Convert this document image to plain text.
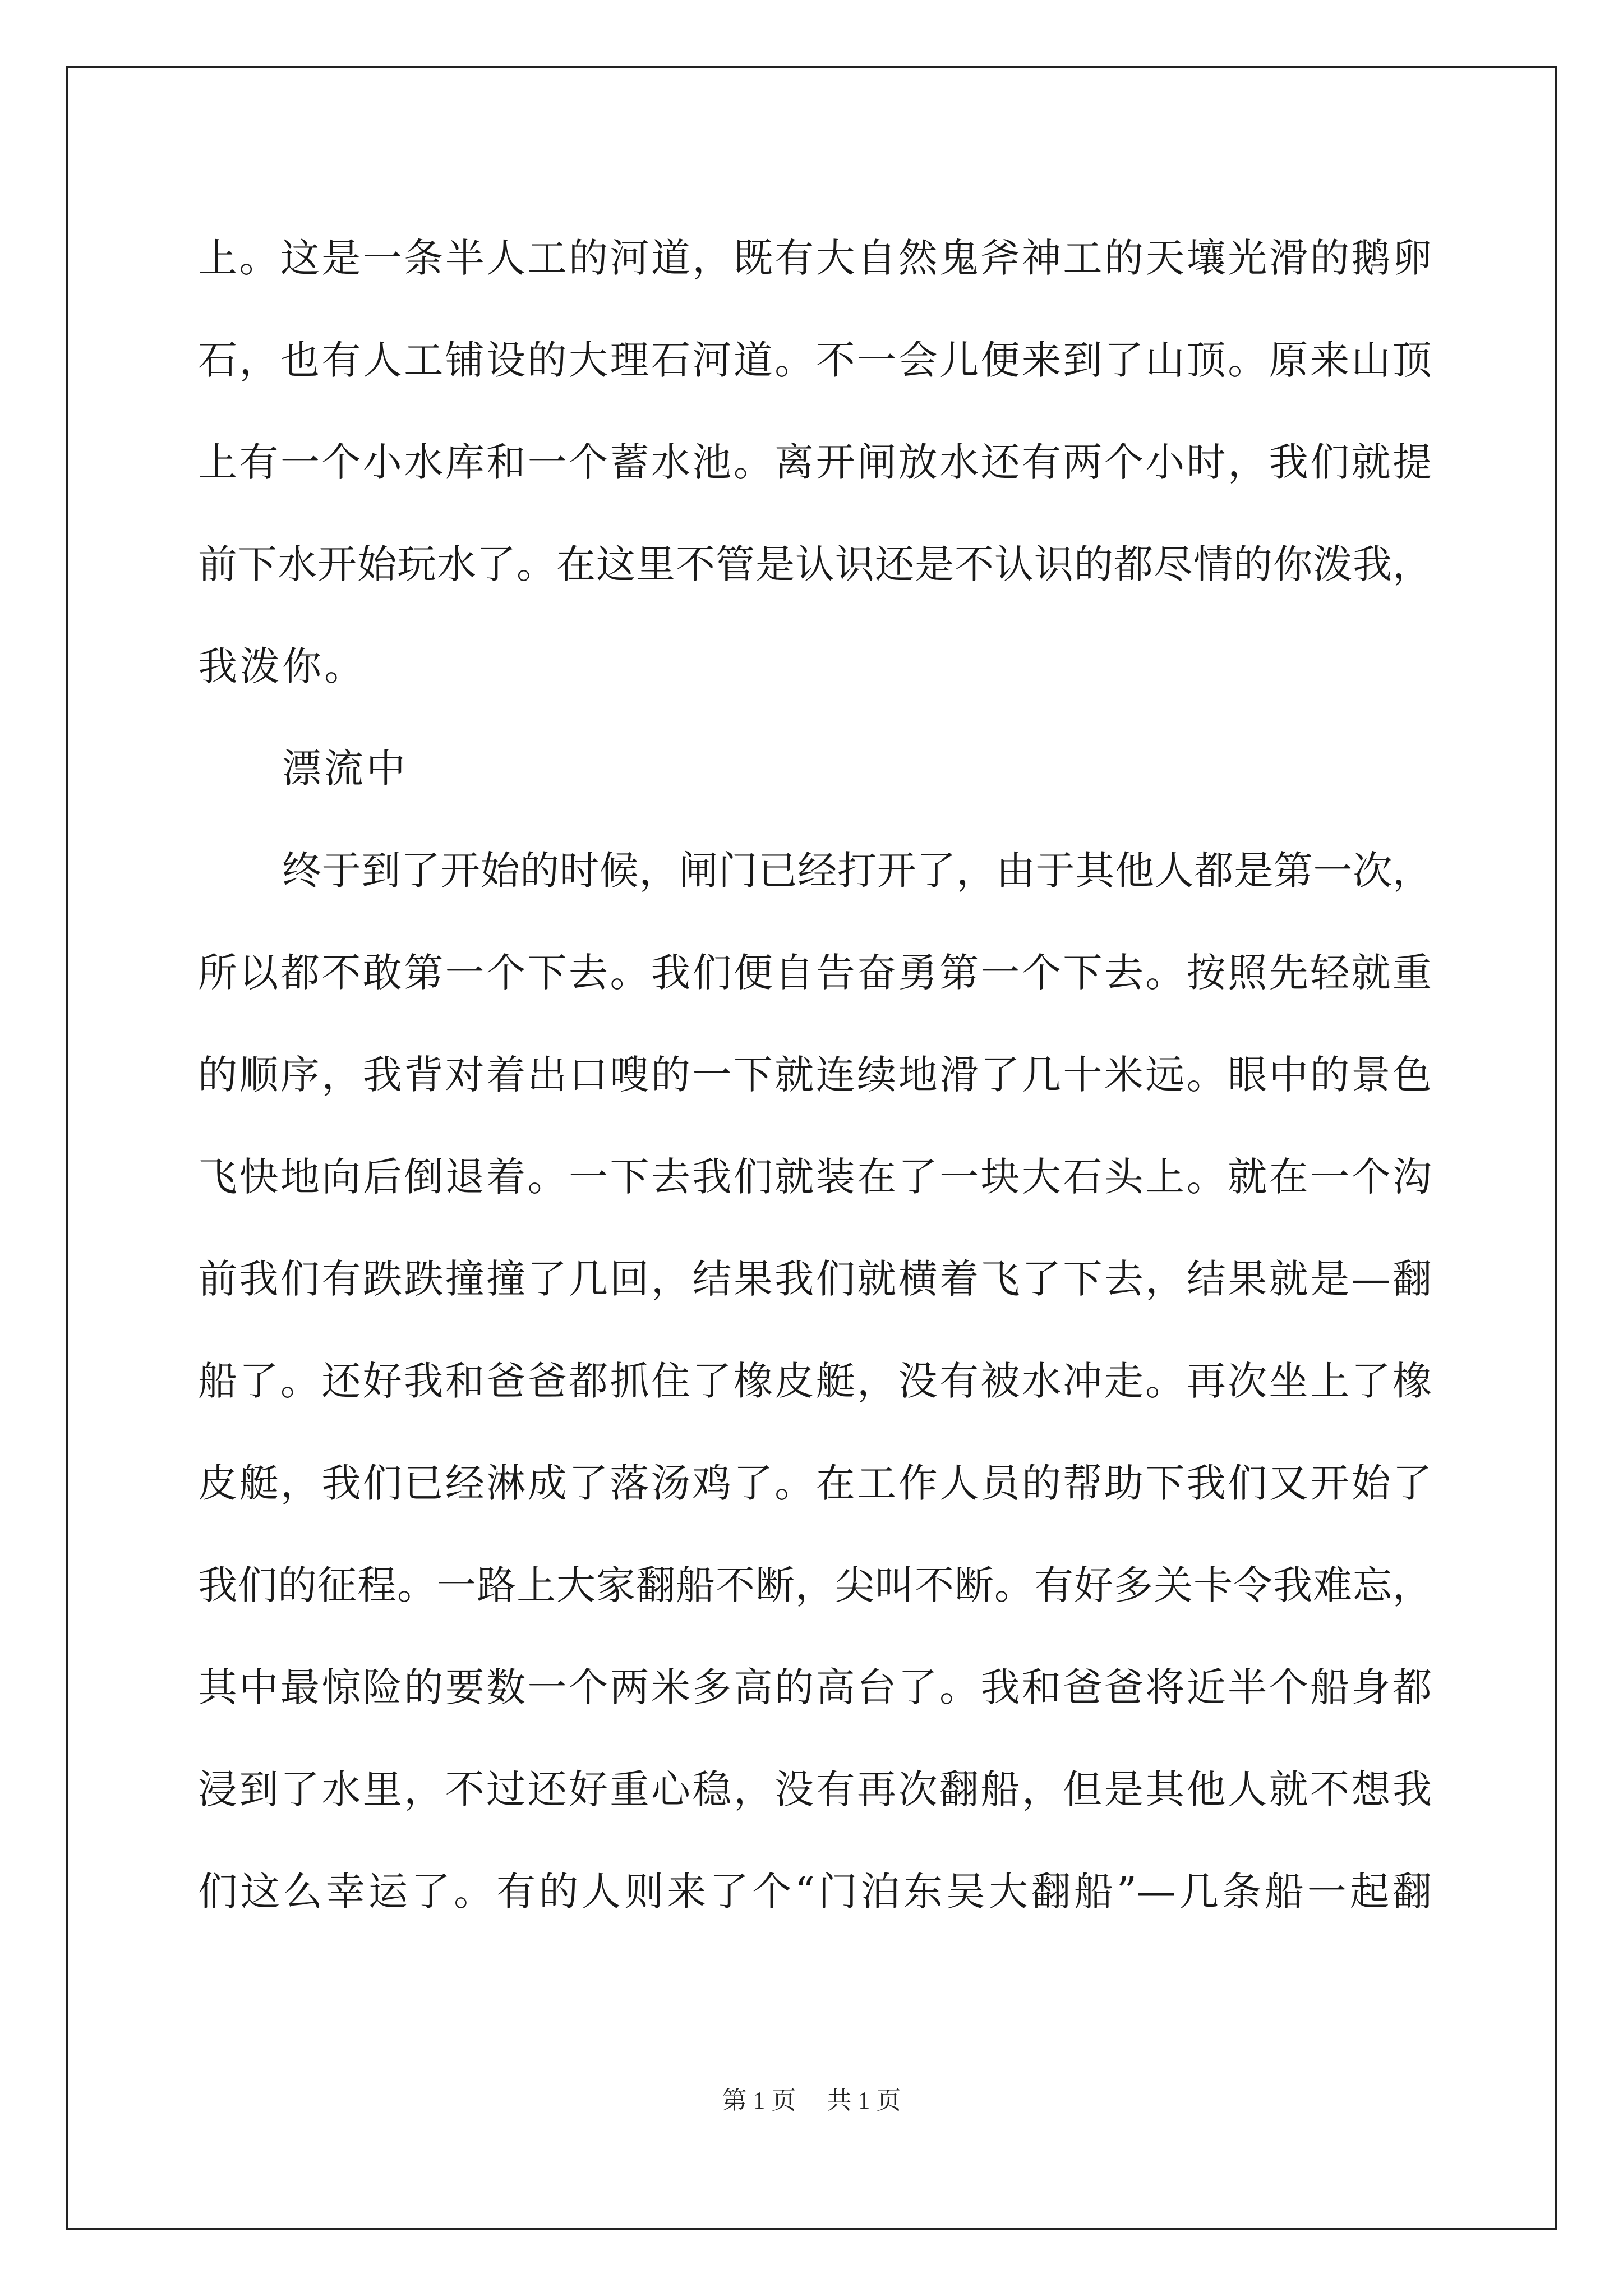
上。这是一条半人工的河道，既有大自然鬼斧神工的天壤光滑的鹅卵
石，也有人工铺设的大理石河道。不一会儿便来到了山顶。原来山顶
上有一个小水库和一个蓄水池。离开闸放水还有两个小时，我们就提
前下水开始玩水了。在这里不管是认识还是不认识的都尽情的你泼我，
我泼你。
漂流中
终于到了开始的时候，闸门已经打开了，由于其他人都是第一次，
所以都不敢第一个下去。我们便自告奋勇第一个下去。按照先轻就重
的顺序，我背对着出口嗖的一下就连续地滑了几十米远。眼中的景色
飞快地向后倒退着。一下去我们就装在了一块大石头上。就在一个沟
前我们有跌跌撞撞了几回，结果我们就横着飞了下去，结果就是—翻
船了。还好我和爸爸都抓住了橡皮艇，没有被水冲走。再次坐上了橡
皮艇，我们已经淋成了落汤鸡了。在工作人员的帮助下我们又开始了
我们的征程。一路上大家翻船不断，尖叫不断。有好多关卡令我难忘，
其中最惊险的要数一个两米多高的高台了。我和爸爸将近半个船身都
浸到了水里，不过还好重心稳，没有再次翻船，但是其他人就不想我
们这么幸运了。有的人则来了个“门泊东吴大翻船”—几条船一起翻
第 1 页 共 1 页
